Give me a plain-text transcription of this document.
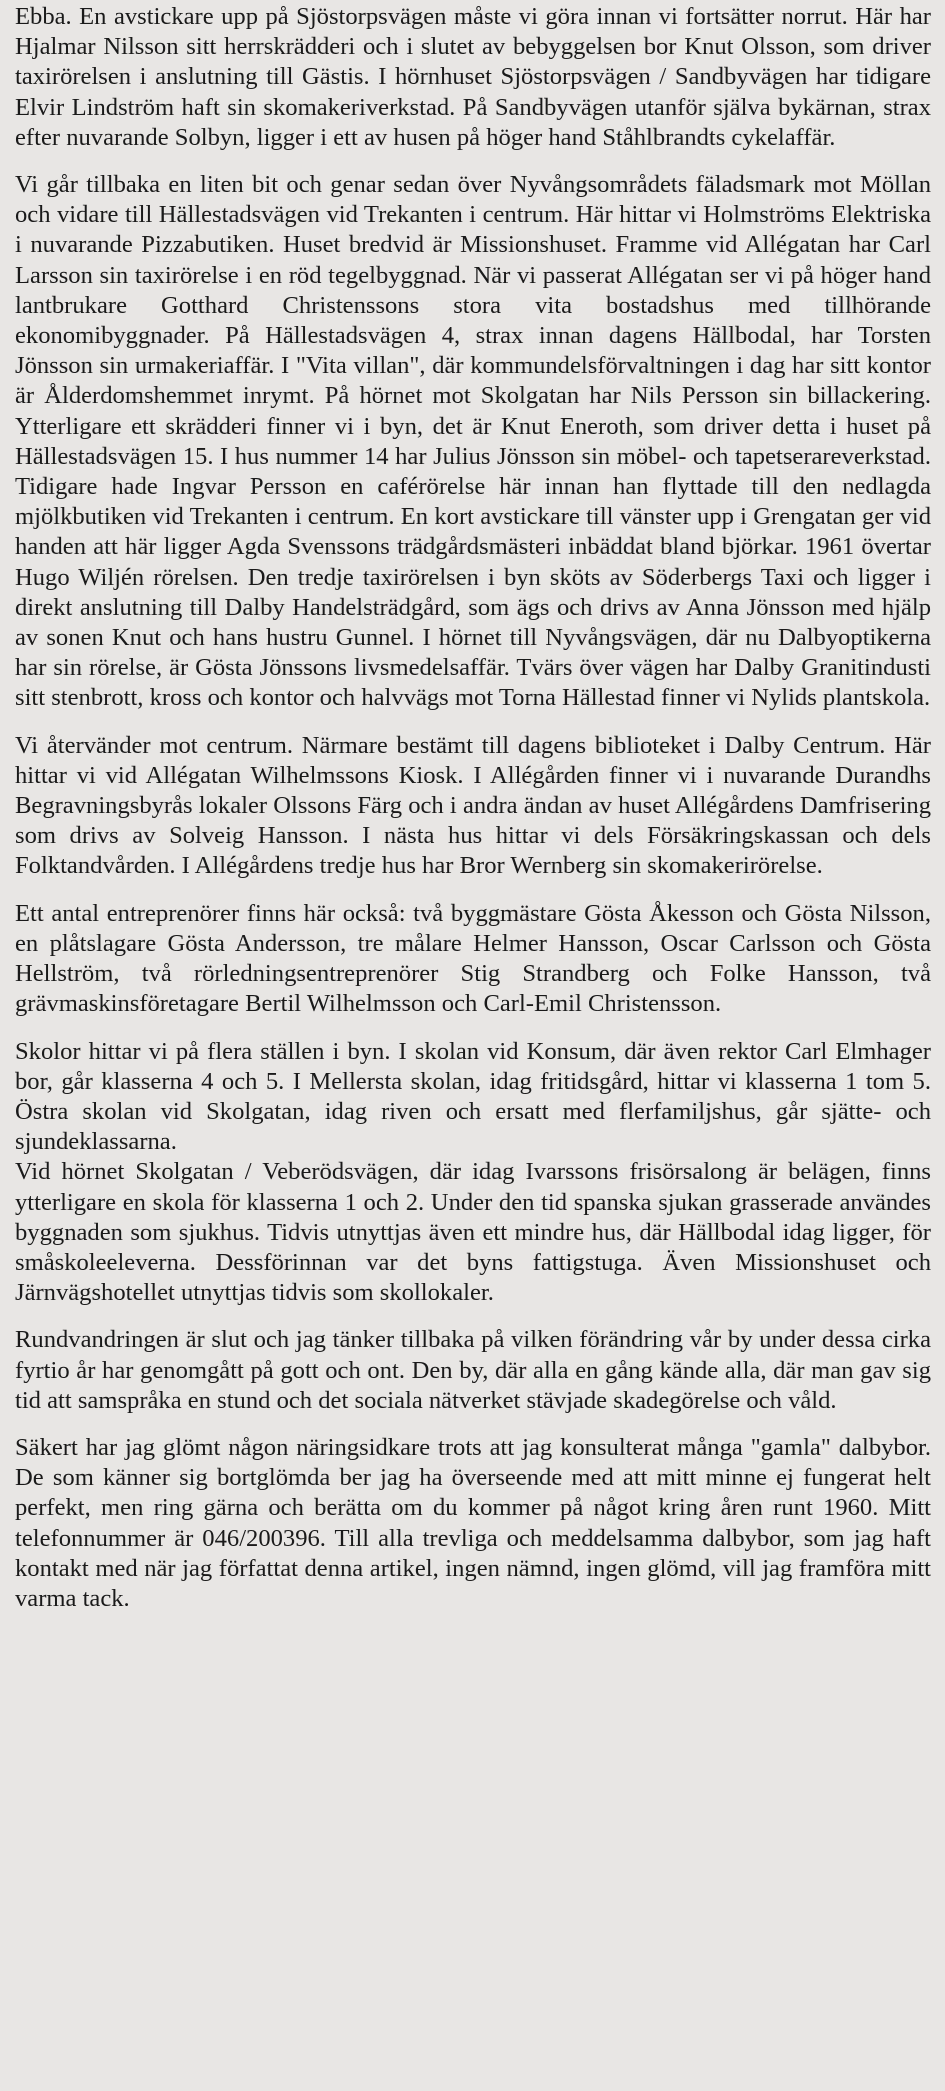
Ebba. En avstickare upp på Sjöstorpsvägen måste vi göra innan vi fortsätter norrut. Här har Hjalmar Nilsson sitt herrskrädderi och i slutet av bebyggelsen bor Knut Olsson, som driver taxirörelsen i anslutning till Gästis. I hörnhuset Sjöstorpsvägen / Sandbyvägen har tidigare Elvir Lindström haft sin skomakeriverkstad. På Sandbyvägen utanför själva bykärnan, strax efter nuvarande Solbyn, ligger i ett av husen på höger hand Ståhlbrandts cykelaffär.

Vi går tillbaka en liten bit och genar sedan över Nyvångsområdets fäladsmark mot Möllan och vidare till Hällestadsvägen vid Trekanten i centrum. Här hittar vi Holmströms Elektriska i nuvarande Pizzabutiken. Huset bredvid är Missionshuset. Framme vid Allégatan har Carl Larsson sin taxirörelse i en röd tegelbyggnad. När vi passerat Allégatan ser vi på höger hand lantbrukare Gotthard Christenssons stora vita bostadshus med tillhörande ekonomibyggnader. På Hällestadsvägen 4, strax innan dagens Hällbodal, har Torsten Jönsson sin urmakeriaffär. I "Vita villan", där kommundelsförvaltningen i dag har sitt kontor är Ålderdomshemmet inrymt. På hörnet mot Skolgatan har Nils Persson sin billackering. Ytterligare ett skrädderi finner vi i byn, det är Knut Eneroth, som driver detta i huset på Hällestadsvägen 15. I hus nummer 14 har Julius Jönsson sin möbel- och tapetserareverkstad. Tidigare hade Ingvar Persson en caférörelse här innan han flyttade till den nedlagda mjölkbutiken vid Trekanten i centrum. En kort avstickare till vänster upp i Grengatan ger vid handen att här ligger Agda Svenssons trädgårdsmästeri inbäddat bland björkar. 1961 övertar Hugo Wiljén rörelsen. Den tredje taxirörelsen i byn sköts av Söderbergs Taxi och ligger i direkt anslutning till Dalby Handelsträdgård, som ägs och drivs av Anna Jönsson med hjälp av sonen Knut och hans hustru Gunnel. I hörnet till Nyvångsvägen, där nu Dalbyoptikerna har sin rörelse, är Gösta Jönssons livsmedelsaffär. Tvärs över vägen har Dalby Granitindusti sitt stenbrott, kross och kontor och halvvägs mot Torna Hällestad finner vi Nylids plantskola.

Vi återvänder mot centrum. Närmare bestämt till dagens biblioteket i Dalby Centrum. Här hittar vi vid Allégatan Wilhelmssons Kiosk. I Allégården finner vi i nuvarande Durandhs Begravningsbyrås lokaler Olssons Färg och i andra ändan av huset Allégårdens Damfrisering som drivs av Solveig Hansson. I nästa hus hittar vi dels Försäkringskassan och dels Folktandvården. I Allégårdens tredje hus har Bror Wernberg sin skomakerirörelse.

Ett antal entreprenörer finns här också: två byggmästare Gösta Åkesson och Gösta Nilsson, en plåtslagare Gösta Andersson, tre målare Helmer Hansson, Oscar Carlsson och Gösta Hellström, två rörledningsentreprenörer Stig Strandberg och Folke Hansson, två grävmaskinsföretagare Bertil Wilhelmsson och Carl-Emil Christensson.

Skolor hittar vi på flera ställen i byn. I skolan vid Konsum, där även rektor Carl Elmhager bor, går klasserna 4 och 5. I Mellersta skolan, idag fritidsgård, hittar vi klasserna 1 tom 5. Östra skolan vid Skolgatan, idag riven och ersatt med flerfamiljshus, går sjätte- och sjundeklassarna.

Vid hörnet Skolgatan / Veberödsvägen, där idag Ivarssons frisörsalong är belägen, finns ytterligare en skola för klasserna 1 och 2. Under den tid spanska sjukan grasserade användes byggnaden som sjukhus. Tidvis utnyttjas även ett mindre hus, där Hällbodal idag ligger, för småskoleeleverna. Dessförinnan var det byns fattigstuga. Även Missionshuset och Järnvägshotellet utnyttjas tidvis som skollokaler.

Rundvandringen är slut och jag tänker tillbaka på vilken förändring vår by under dessa cirka fyrtio år har genomgått på gott och ont. Den by, där alla en gång kände alla, där man gav sig tid att samspråka en stund och det sociala nätverket stävjade skadegörelse och våld.

Säkert har jag glömt någon näringsidkare trots att jag konsulterat många "gamla" dalbybor. De som känner sig bortglömda ber jag ha överseende med att mitt minne ej fungerat helt perfekt, men ring gärna och berätta om du kommer på något kring åren runt 1960. Mitt telefonnummer är 046/200396. Till alla trevliga och meddelsamma dalbybor, som jag haft kontakt med när jag författat denna artikel, ingen nämnd, ingen glömd, vill jag framföra mitt varma tack.
